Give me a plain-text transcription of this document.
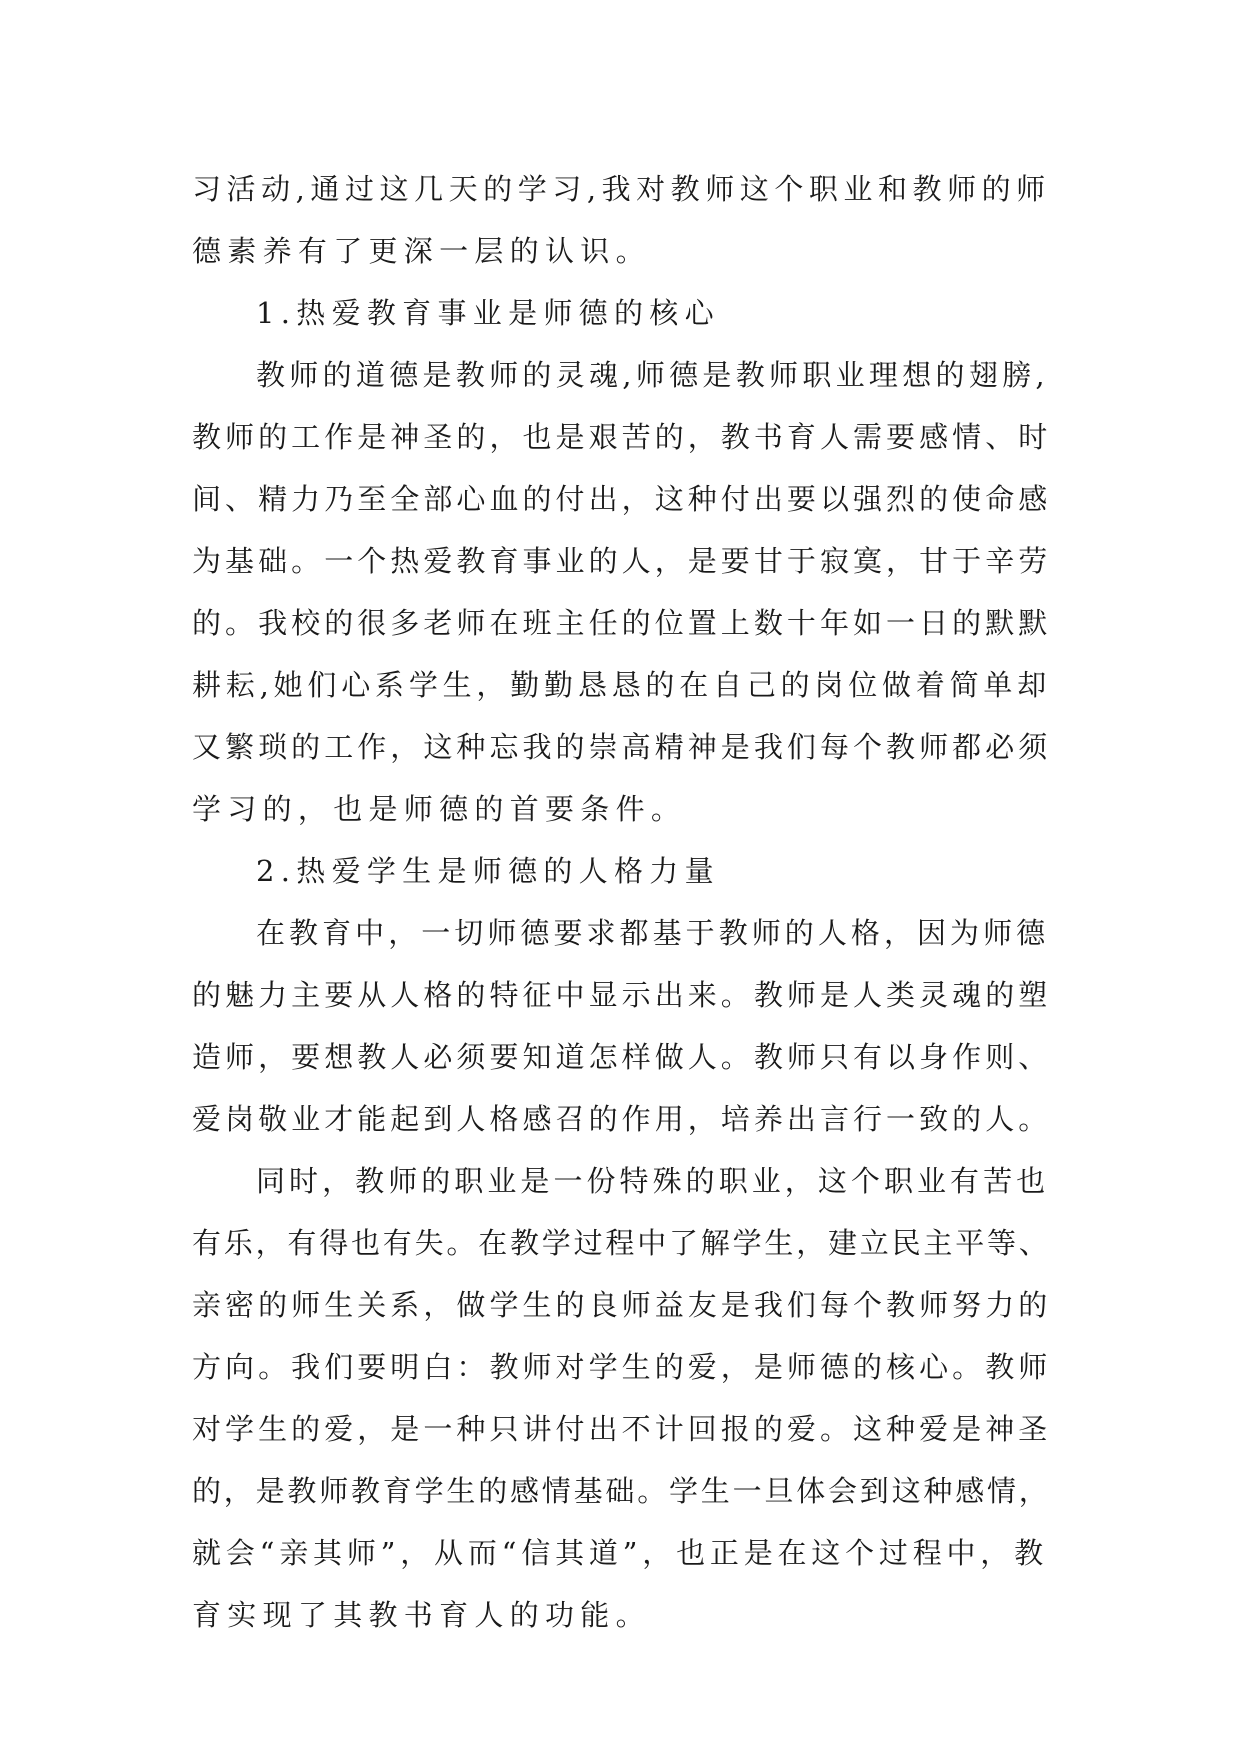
习活动,通过这几天的学习,我对教师这个职业和教师的师
德素养有了更深一层的认识。
1.热爱教育事业是师德的核心
教师的道德是教师的灵魂,师德是教师职业理想的翅膀,
教师的工作是神圣的，也是艰苦的，教书育人需要感情、时
间、精力乃至全部心血的付出，这种付出要以强烈的使命感
为基础。一个热爱教育事业的人，是要甘于寂寞，甘于辛劳
的。我校的很多老师在班主任的位置上数十年如一日的默默
耕耘,她们心系学生，勤勤恳恳的在自己的岗位做着简单却
又繁琐的工作，这种忘我的崇高精神是我们每个教师都必须
学习的，也是师德的首要条件。
2.热爱学生是师德的人格力量
在教育中，一切师德要求都基于教师的人格，因为师德
的魅力主要从人格的特征中显示出来。教师是人类灵魂的塑
造师，要想教人必须要知道怎样做人。教师只有以身作则、
爱岗敬业才能起到人格感召的作用，培养出言行一致的人。
同时，教师的职业是一份特殊的职业，这个职业有苦也
有乐，有得也有失。在教学过程中了解学生，建立民主平等、
亲密的师生关系，做学生的良师益友是我们每个教师努力的
方向。我们要明白：教师对学生的爱，是师德的核心。教师
对学生的爱，是一种只讲付出不计回报的爱。这种爱是神圣
的，是教师教育学生的感情基础。学生一旦体会到这种感情，
就会“亲其师”，从而“信其道”，也正是在这个过程中，教
育实现了其教书育人的功能。
